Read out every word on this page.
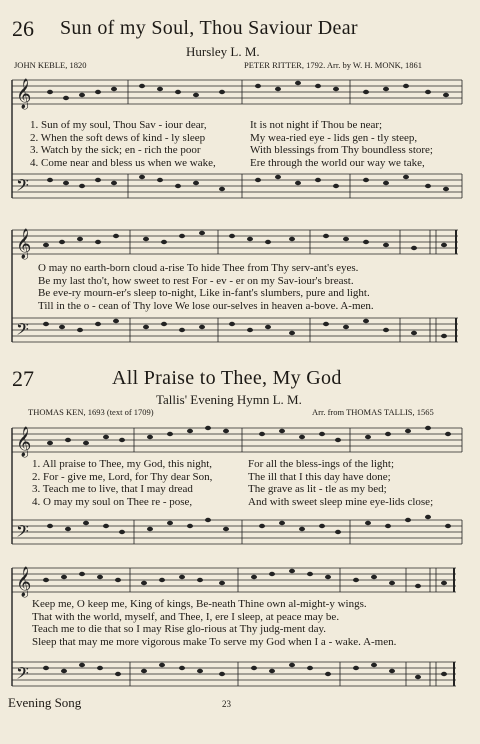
26 Sun of my Soul, Thou Saviour Dear
Hursley L. M.
JOHN KEBLE, 1820	PETER RITTER, 1792. Arr. by W. H. MONK, 1861
𝄞
𝄢
1. Sun of my soul, Thou Sav - iour dear,	It is not night if Thou be near;
2. When the soft dews of kind - ly sleep	My wea-ried eye - lids gen - tly steep,
3. Watch by the sick; en - rich the poor	With blessings from Thy boundless store;
4. Come near and bless us when we wake,	Ere through the world our way we take,
𝄞
𝄢
O may no earth-born cloud a-rise To hide Thee from Thy serv-ant's eyes.
Be my last tho't, how sweet to rest For - ev - er on my Sav-iour's breast.
Be eve-ry mourn-er's sleep to-night, Like in-fant's slumbers, pure and light.
Till in the o - cean of Thy love We lose our-selves in heaven a-bove. A-men.
27	All Praise to Thee, My God
Tallis' Evening Hymn L. M.
THOMAS KEN, 1693 (text of 1709)	Arr. from THOMAS TALLIS, 1565
𝄞
𝄢
1. All praise to Thee, my God, this night,	For all the bless-ings of the light;
2. For - give me, Lord, for Thy dear Son,	The ill that I this day have done;
3. Teach me to live, that I may dread	The grave as lit - tle as my bed;
4. O may my soul on Thee re - pose,	And with sweet sleep mine eye-lids close;
𝄞
𝄢
Keep me, O keep me, King of kings, Be-neath Thine own al-might-y wings.
That with the world, myself, and Thee, I, ere I sleep, at peace may be.
Teach me to die that so I may Rise glo-rious at Thy judg-ment day.
Sleep that may me more vigorous make To serve my God when I a - wake. A-men.
Evening Song	23
